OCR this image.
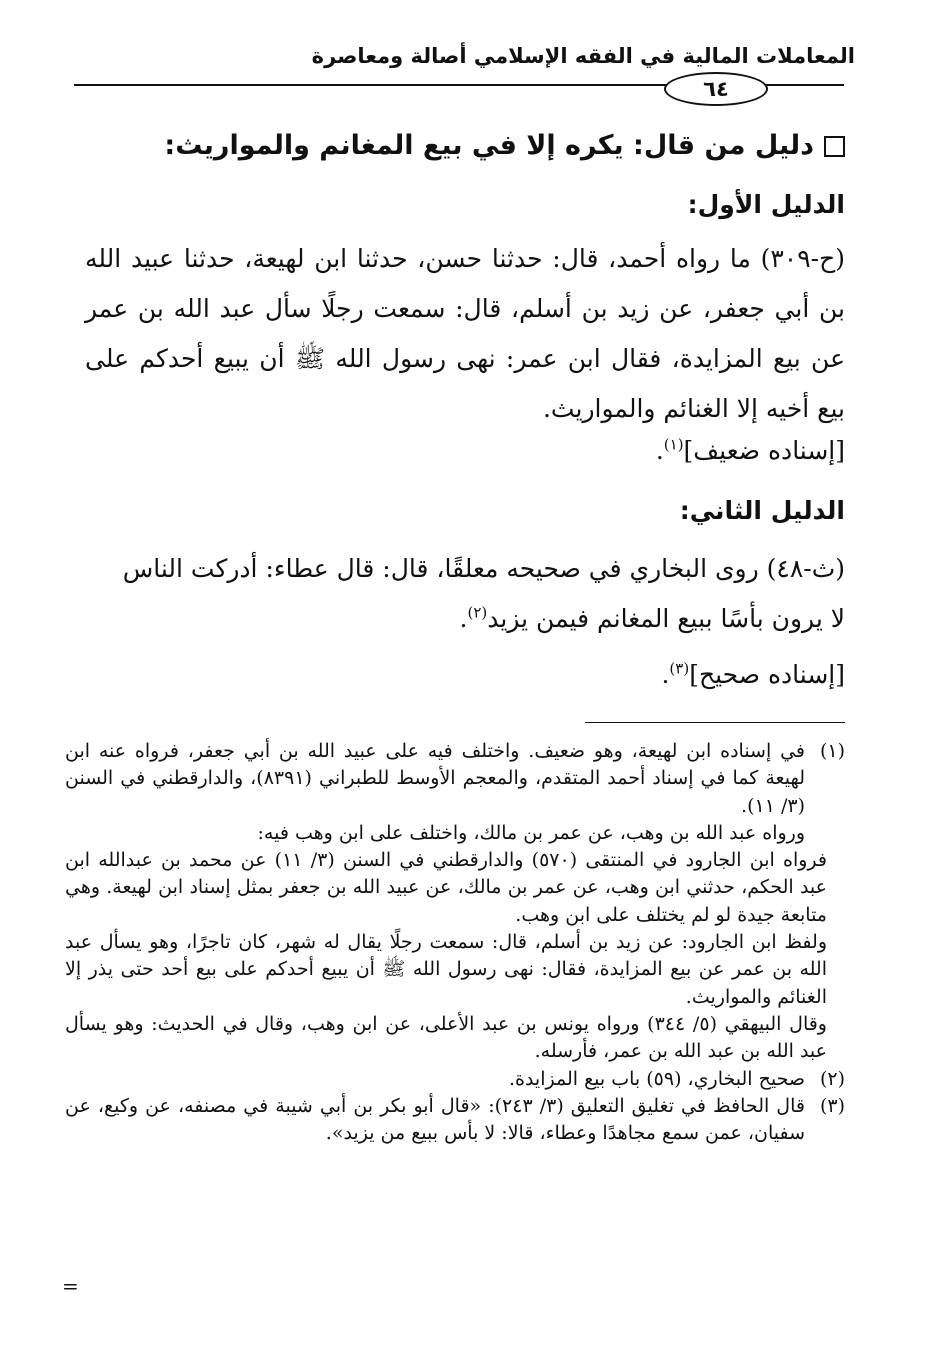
المعاملات المالية في الفقه الإسلامي أصالة ومعاصرة
٦٤
دليل من قال: يكره إلا في بيع المغانم والمواريث:
الدليل الأول:
(ح-٣٠٩) ما رواه أحمد، قال: حدثنا حسن، حدثنا ابن لهيعة، حدثنا عبيد الله بن أبي جعفر، عن زيد بن أسلم، قال: سمعت رجلًا سأل عبد الله بن عمر عن بيع المزايدة، فقال ابن عمر: نهى رسول الله ﷺ أن يبيع أحدكم على بيع أخيه إلا الغنائم والمواريث.
[إسناده ضعيف]$^{(١)}$.
الدليل الثاني:
(ث-٤٨) روى البخاري في صحيحه معلقًا، قال: قال عطاء: أدركت الناس
لا يرون بأسًا ببيع المغانم فيمن يزيد$^{(٢)}$.
[إسناده صحيح]$^{(٣)}$.
(١)
في إسناده ابن لهيعة، وهو ضعيف. واختلف فيه على عبيد الله بن أبي جعفر، فرواه عنه ابن لهيعة كما في إسناد أحمد المتقدم، والمعجم الأوسط للطبراني (٨٣٩١)، والدارقطني في السنن (٣/ ١١).
ورواه عبد الله بن وهب، عن عمر بن مالك، واختلف على ابن وهب فيه:
فرواه ابن الجارود في المنتقى (٥٧٠) والدارقطني في السنن (٣/ ١١) عن محمد بن عبدالله ابن عبد الحكم، حدثني ابن وهب، عن عمر بن مالك، عن عبيد الله بن جعفر بمثل إسناد ابن لهيعة. وهي متابعة جيدة لو لم يختلف على ابن وهب.
ولفظ ابن الجارود: عن زيد بن أسلم، قال: سمعت رجلًا يقال له شهر، كان تاجرًا، وهو يسأل عبد الله بن عمر عن بيع المزايدة، فقال: نهى رسول الله ﷺ أن يبيع أحدكم على بيع أحد حتى يذر إلا الغنائم والمواريث.
وقال البيهقي (٥/ ٣٤٤) ورواه يونس بن عبد الأعلى، عن ابن وهب، وقال في الحديث: وهو يسأل عبد الله بن عبد الله بن عمر، فأرسله.
(٢)
صحيح البخاري، (٥٩) باب بيع المزايدة.
(٣)
قال الحافظ في تغليق التعليق (٣/ ٢٤٣): «قال أبو بكر بن أبي شيبة في مصنفه، عن وكيع، عن سفيان، عمن سمع مجاهدًا وعطاء، قالا: لا بأس ببيع من يزيد».
=
